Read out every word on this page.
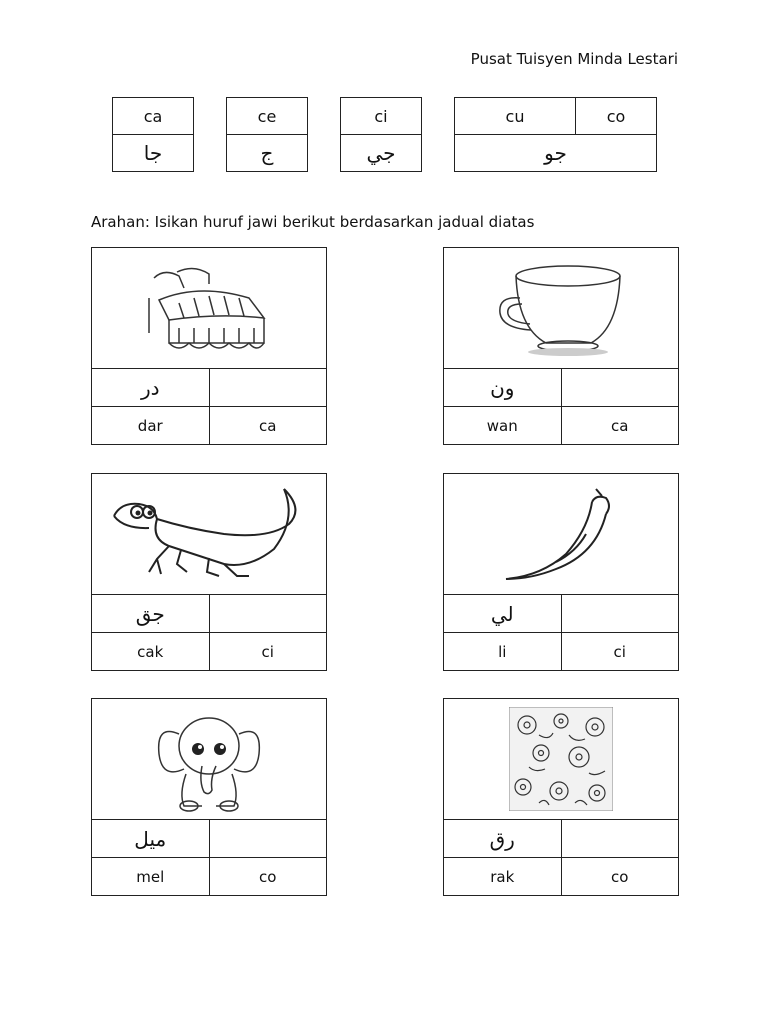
Pusat Tuisyen Minda Lestari
ca
جا
ce
ج
ci
جي
cu	co
جو
Arahan: Isikan huruf jawi berikut berdasarkan jadual diatas
در
dar	ca
ون
wan	ca
جق
cak	ci
لي
li	ci
ميل
mel	co
رق
rak	co
